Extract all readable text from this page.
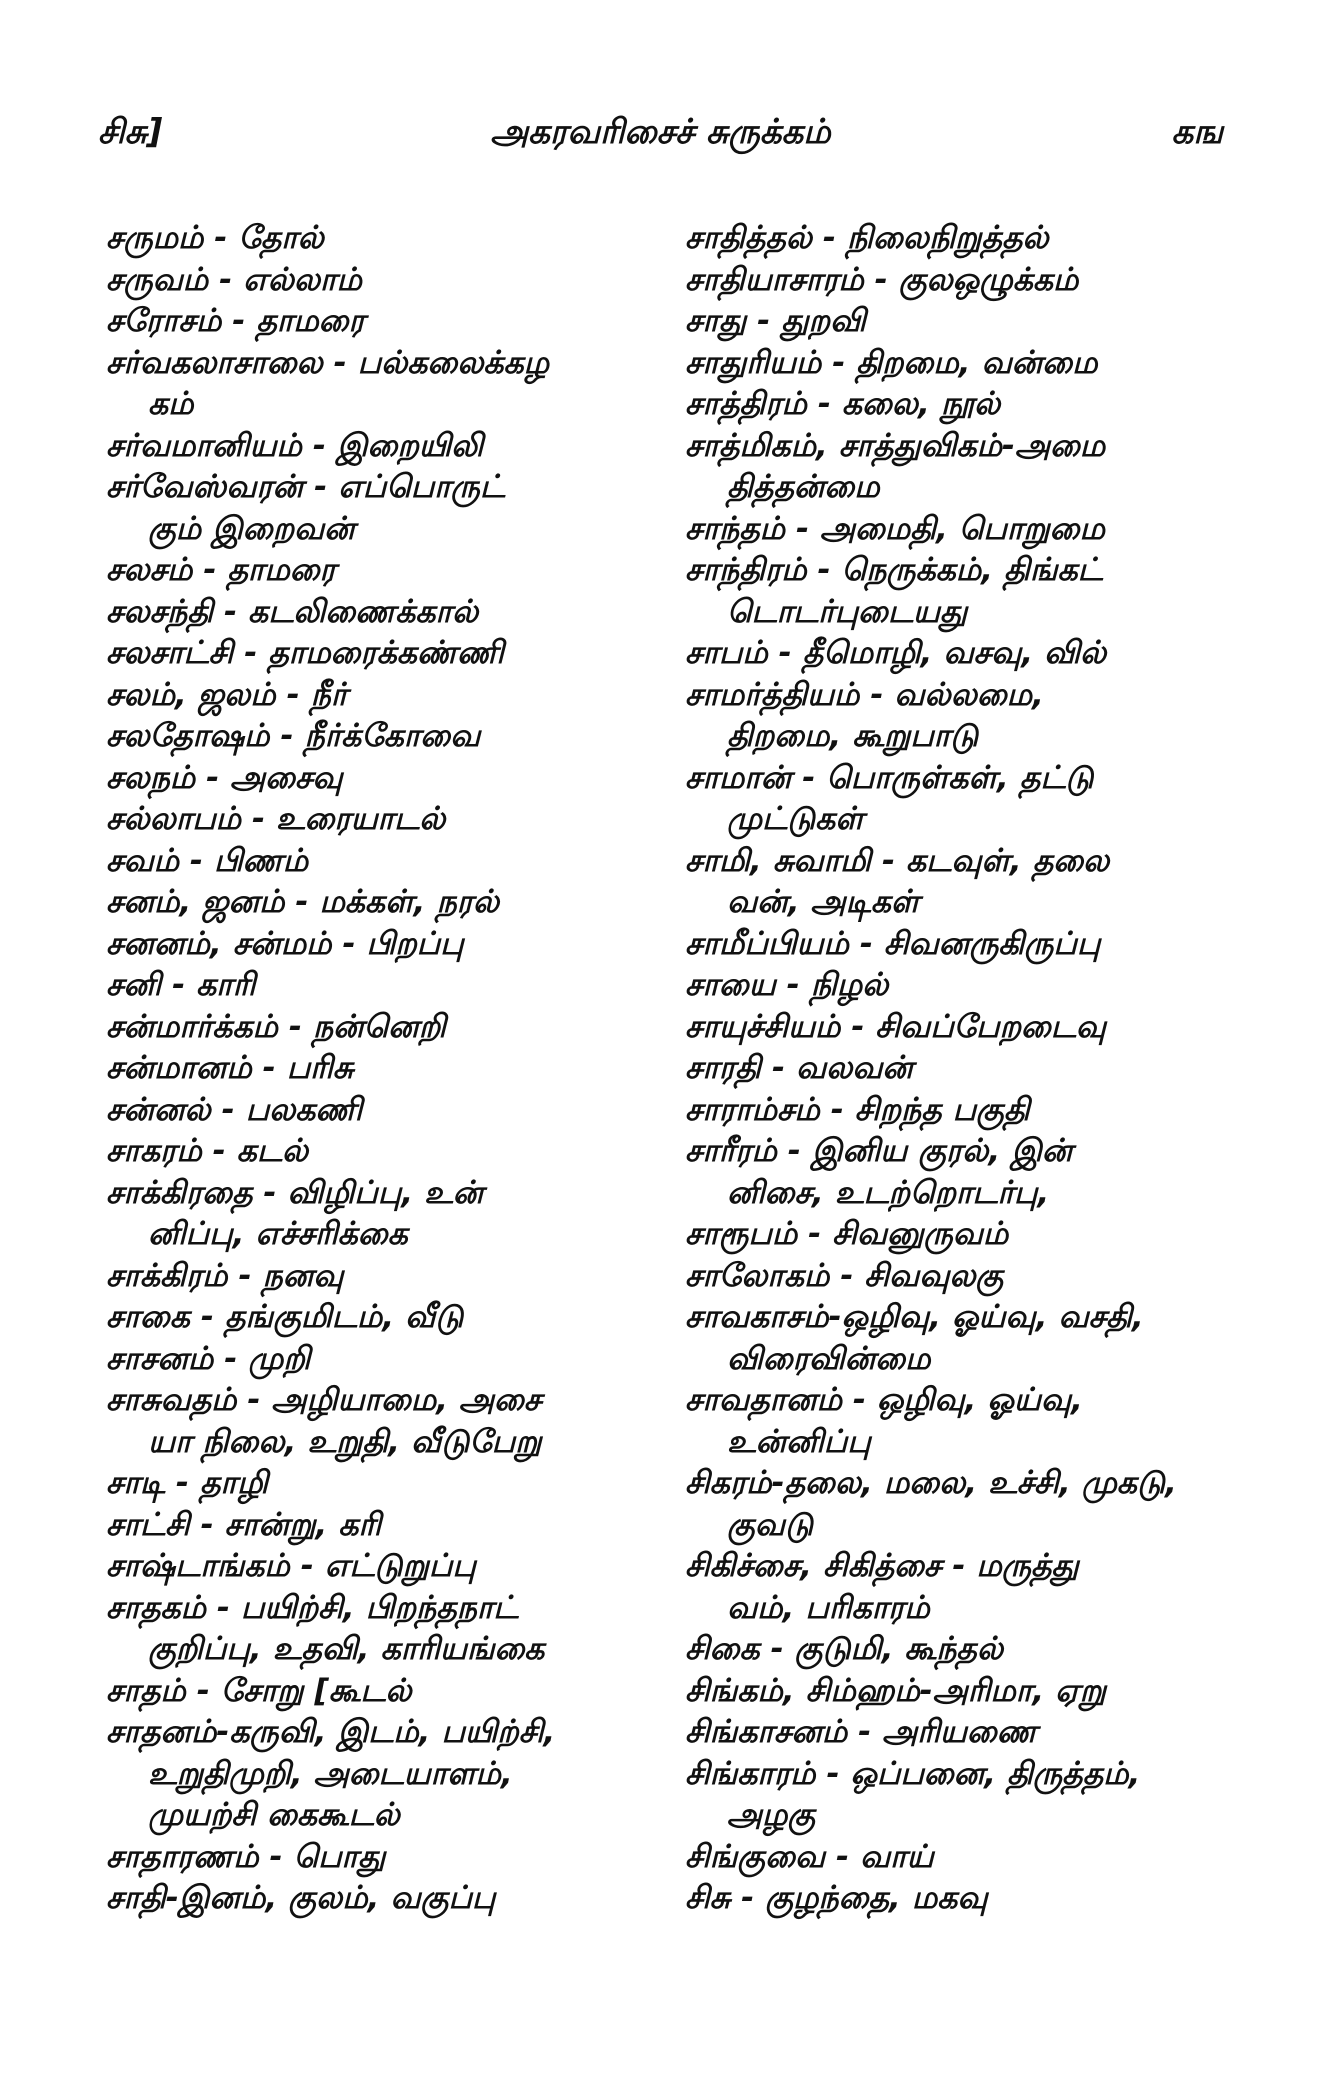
சிசு]	அகரவரிசைச் சுருக்கம்	கங
சருமம் - தோல்
சருவம் - எல்லாம்
சரோசம் - தாமரை
சர்வகலாசாலை - பல்கலைக்கழ

கம்
சர்வமானியம் - இறையிலி
சர்வேஸ்வரன் - எப்பொருட்

கும் இறைவன்
சலசம் - தாமரை
சலசந்தி - கடலிணைக்கால்
சலசாட்சி - தாமரைக்கண்ணி
சலம், ஜலம் - நீர்
சலதோஷம் - நீர்க்கோவை
சலநம் - அசைவு
சல்லாபம் - உரையாடல்
சவம் - பிணம்
சனம், ஜனம் - மக்கள், நரல்
சனனம், சன்மம் - பிறப்பு
சனி - காரி
சன்மார்க்கம் - நன்னெறி
சன்மானம் - பரிசு
சன்னல் - பலகணி
சாகரம் - கடல்
சாக்கிரதை - விழிப்பு, உன்

னிப்பு, எச்சரிக்கை
சாக்கிரம் - நனவு
சாகை - தங்குமிடம், வீடு
சாசனம் - முறி
சாசுவதம் - அழியாமை, அசை

யா நிலை, உறுதி, வீடுபேறு
சாடி - தாழி
சாட்சி - சான்று, கரி
சாஷ்டாங்கம் - எட்டுறுப்பு
சாதகம் - பயிற்சி, பிறந்தநாட்

குறிப்பு, உதவி, காரியங்கை
சாதம் - சோறு [கூடல்
சாதனம்-கருவி, இடம், பயிற்சி,

உறுதிமுறி, அடையாளம்,
முயற்சி கைகூடல்
சாதாரணம் - பொது
சாதி-இனம், குலம், வகுப்பு
சாதித்தல் - நிலைநிறுத்தல்
சாதியாசாரம் - குலஒழுக்கம்
சாது - துறவி
சாதுரியம் - திறமை, வன்மை
சாத்திரம் - கலை, நூல்
சாத்மிகம், சாத்துவிகம்-அமை

தித்தன்மை
சாந்தம் - அமைதி, பொறுமை
சாந்திரம் - நெருக்கம், திங்கட்

டொடர்புடையது
சாபம் - தீமொழி, வசவு, வில்
சாமர்த்தியம் - வல்லமை,

திறமை, கூறுபாடு
சாமான் - பொருள்கள், தட்டு

முட்டுகள்
சாமி, சுவாமி - கடவுள், தலை

வன், அடிகள்
சாமீப்பியம் - சிவனருகிருப்பு
சாயை - நிழல்
சாயுச்சியம் - சிவப்பேறடைவு
சாரதி - வலவன்
சாராம்சம் - சிறந்த பகுதி
சாரீரம் - இனிய குரல், இன்

னிசை, உடற்றொடர்பு,
சாரூபம் - சிவனுருவம்
சாலோகம் - சிவவுலகு
சாவகாசம்-ஒழிவு, ஓய்வு, வசதி,

விரைவின்மை
சாவதானம் - ஒழிவு, ஓய்வு,

உன்னிப்பு
சிகரம்-தலை, மலை, உச்சி, முகடு,

குவடு
சிகிச்சை, சிகித்சை - மருத்து

வம், பரிகாரம்
சிகை - குடுமி, கூந்தல்
சிங்கம், சிம்ஹம்-அரிமா, ஏறு
சிங்காசனம் - அரியணை
சிங்காரம் - ஒப்பனை, திருத்தம்,

அழகு
சிங்குவை - வாய்
சிசு - குழந்தை, மகவு
